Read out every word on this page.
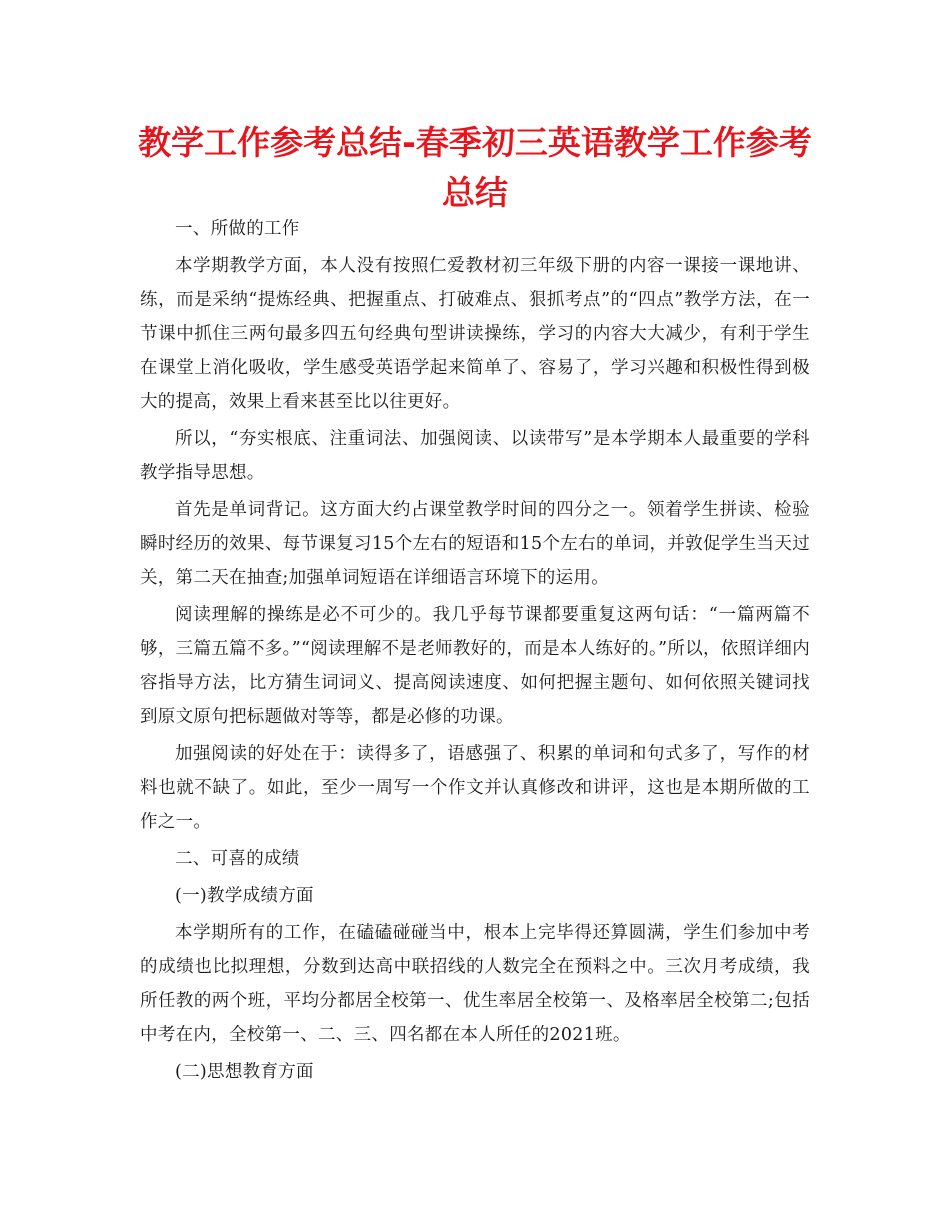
教学工作参考总结-春季初三英语教学工作参考总结

一、所做的工作

本学期教学方面，本人没有按照仁爱教材初三年级下册的内容一课接一课地讲、练，而是采纳“提炼经典、把握重点、打破难点、狠抓考点”的“四点”教学方法，在一节课中抓住三两句最多四五句经典句型讲读操练，学习的内容大大减少，有利于学生在课堂上消化吸收，学生感受英语学起来简单了、容易了，学习兴趣和积极性得到极大的提高，效果上看来甚至比以往更好。

所以，“夯实根底、注重词法、加强阅读、以读带写”是本学期本人最重要的学科教学指导思想。

首先是单词背记。这方面大约占课堂教学时间的四分之一。领着学生拼读、检验瞬时经历的效果、每节课复习15个左右的短语和15个左右的单词，并敦促学生当天过关，第二天在抽查;加强单词短语在详细语言环境下的运用。

阅读理解的操练是必不可少的。我几乎每节课都要重复这两句话：“一篇两篇不够，三篇五篇不多。”“阅读理解不是老师教好的，而是本人练好的。”所以，依照详细内容指导方法，比方猜生词词义、提高阅读速度、如何把握主题句、如何依照关键词找到原文原句把标题做对等等，都是必修的功课。

加强阅读的好处在于：读得多了，语感强了、积累的单词和句式多了，写作的材料也就不缺了。如此，至少一周写一个作文并认真修改和讲评，这也是本期所做的工作之一。

二、可喜的成绩

(一)教学成绩方面

本学期所有的工作，在磕磕碰碰当中，根本上完毕得还算圆满，学生们参加中考的成绩也比拟理想，分数到达高中联招线的人数完全在预料之中。三次月考成绩，我所任教的两个班，平均分都居全校第一、优生率居全校第一、及格率居全校第二;包括中考在内，全校第一、二、三、四名都在本人所任的2021班。

(二)思想教育方面
